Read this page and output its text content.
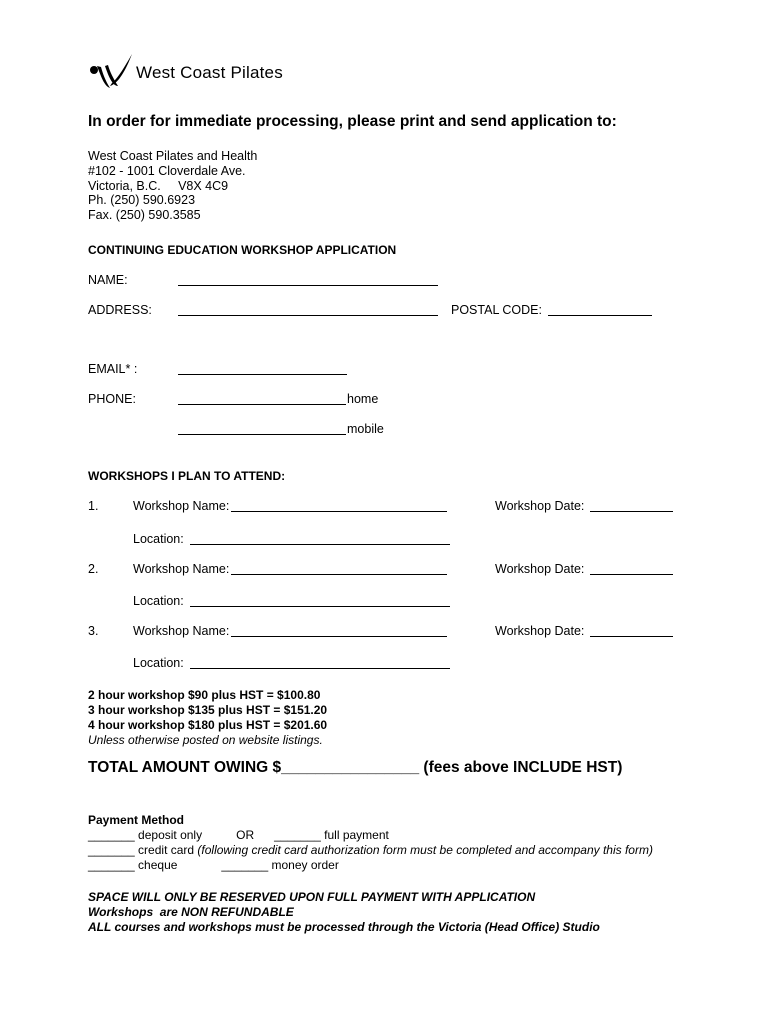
West Coast Pilates
In order for immediate processing, please print and send application to:
West Coast Pilates and Health
#102 - 1001 Cloverdale Ave.
Victoria, B.C.     V8X 4C9
Ph. (250) 590.6923
Fax. (250) 590.3585
CONTINUING EDUCATION WORKSHOP APPLICATION
NAME:
ADDRESS:	POSTAL CODE:
EMAIL* :
PHONE:	home
mobile
WORKSHOPS I PLAN TO ATTEND:
1.	Workshop Name:	Workshop Date:
Location:
2.	Workshop Name:	Workshop Date:
Location:
3.	Workshop Name:	Workshop Date:
Location:
2 hour workshop $90 plus HST = $100.80
3 hour workshop $135 plus HST = $151.20
4 hour workshop $180 plus HST = $201.60
Unless otherwise posted on website listings.
TOTAL AMOUNT OWING $________________ (fees above INCLUDE HST)
Payment Method
_______ deposit only	OR _______ full payment
_______ credit card (following credit card authorization form must be completed and accompany this form)
_______ cheque	_______ money order
SPACE WILL ONLY BE RESERVED UPON FULL PAYMENT WITH APPLICATION
Workshops  are NON REFUNDABLE
ALL courses and workshops must be processed through the Victoria (Head Office) Studio
